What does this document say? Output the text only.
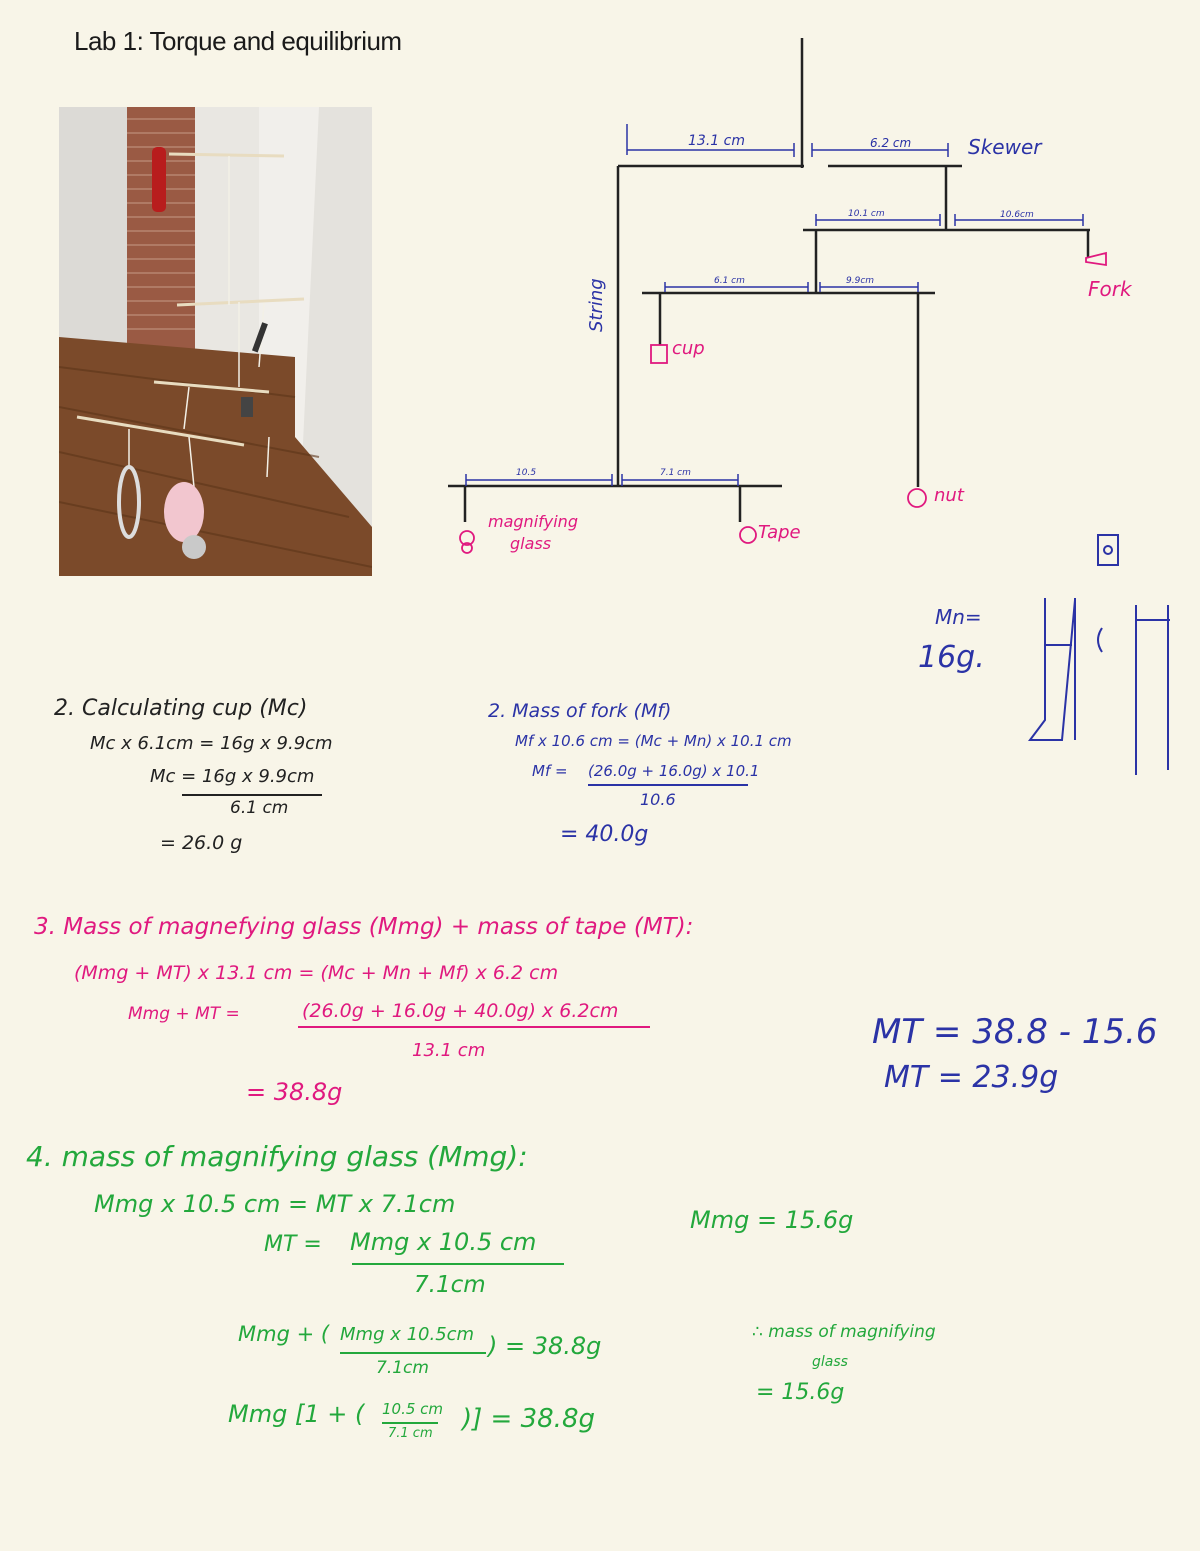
Lab 1: Torque and equilibrium
13.1 cm	6.2 cm	Skewer
10.1 cm	10.6cm
Fork
6.1 cm	9.9cm
String
cup
10.5	7.1 cm
nut
magnifying
glass
Tape
Mn=
16g.
2. Calculating cup (Mc)
Mc x 6.1cm = 16g x 9.9cm
Mc = 16g x 9.9cm
6.1 cm
= 26.0 g
2. Mass of fork (Mf)
Mf x 10.6 cm = (Mc + Mn) x 10.1 cm
Mf = (26.0g + 16.0g) x 10.1
10.6
= 40.0g
3. Mass of magnefying glass (Mmg) + mass of tape (MT):
(Mmg + MT) x 13.1 cm = (Mc + Mn + Mf) x 6.2 cm
Mmg + MT =	(26.0g + 16.0g + 40.0g) x 6.2cm
13.1 cm
= 38.8g
MT = 38.8 - 15.6
MT = 23.9g
4. mass of magnifying glass (Mmg):
Mmg x 10.5 cm = MT x 7.1cm
MT = Mmg x 10.5 cm
7.1cm
Mmg + ( Mmg x 10.5cm
7.1cm
) = 38.8g
Mmg [1 + ( 10.5 cm
7.1 cm )] = 38.8g
Mmg = 15.6g
∴ mass of magnifying
glass
= 15.6g
